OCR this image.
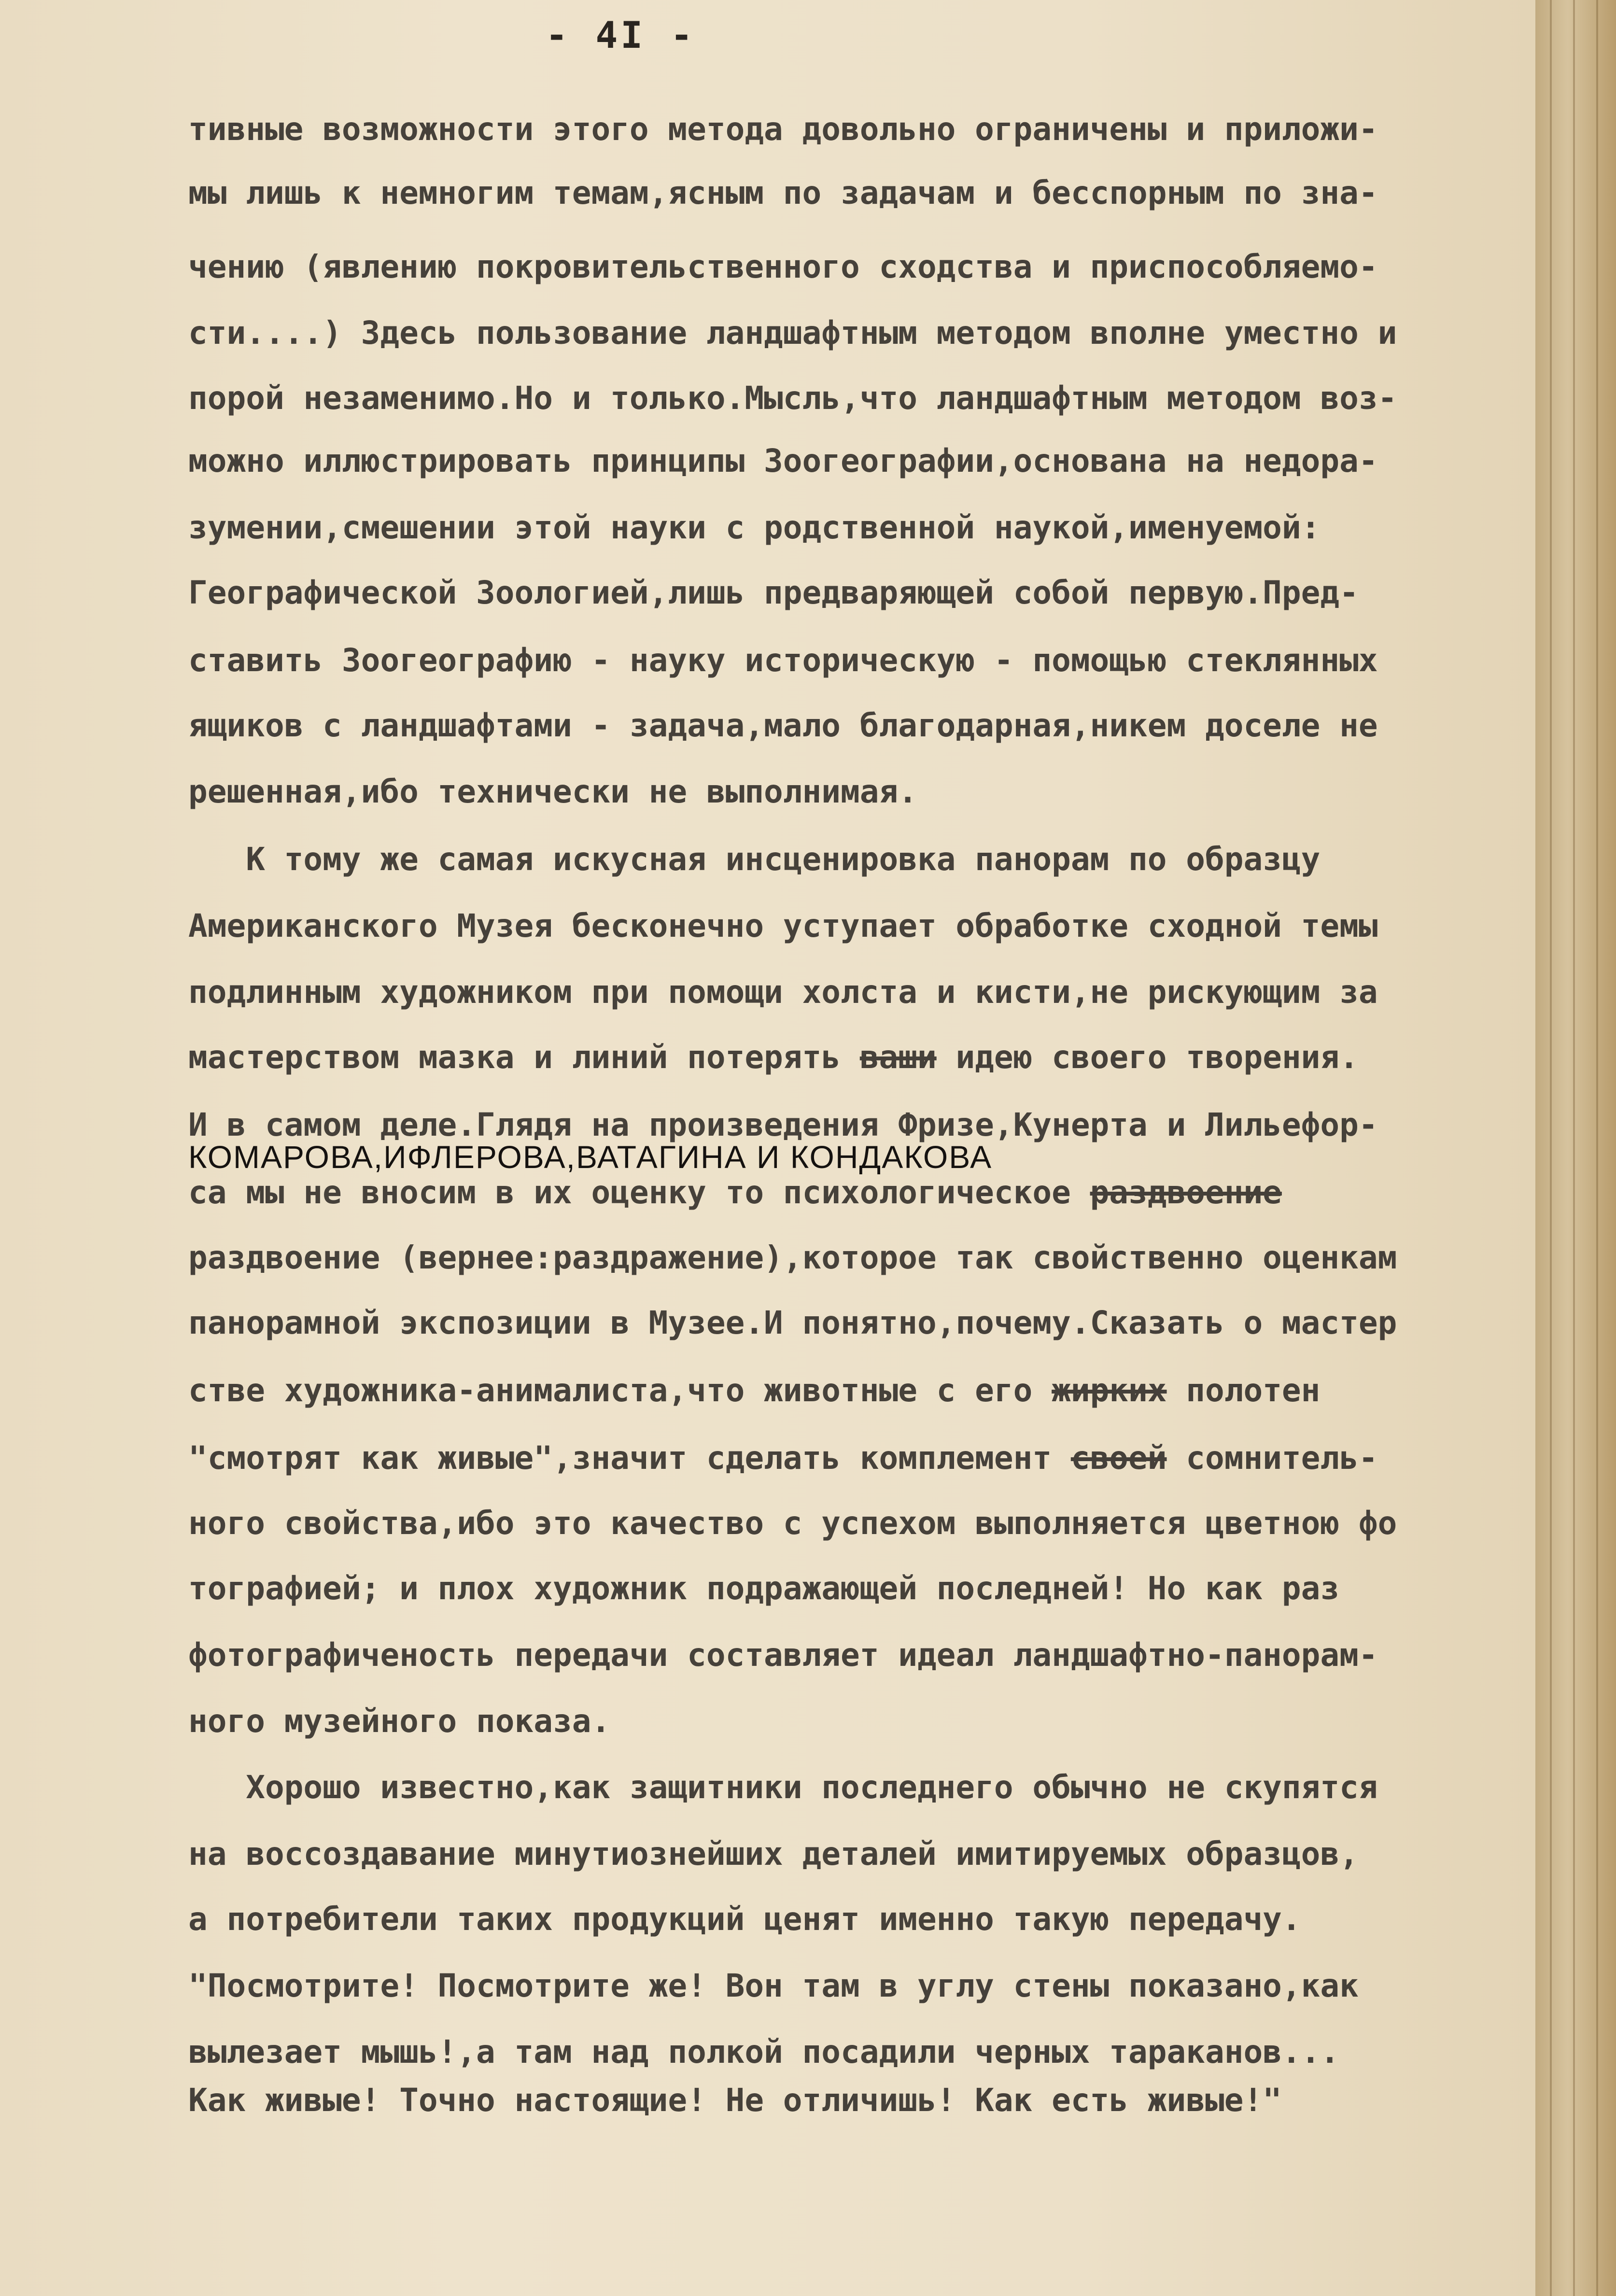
- 4I -
тивные возможности этого метода довольно ограничены и приложи-
мы лишь к немногим темам,ясным по задачам и бесспорным по зна-
чению (явлению покровительственного сходства и приспособляемо-
сти....) Здесь пользование ландшафтным методом вполне уместно и
порой незаменимо.Но и только.Мысль,что ландшафтным методом воз-
можно иллюстрировать принципы Зоогеографии,основана на недора-
зумении,смешении этой науки с родственной наукой,именуемой:
Географической Зоологией,лишь предваряющей собой первую.Пред-
ставить Зоогеографию - науку историческую - помощью стеклянных
ящиков с ландшафтами - задача,мало благодарная,никем доселе не
решенная,ибо технически не выполнимая.
К тому же самая искусная инсценировка панорам по образцу
Американского Музея бесконечно уступает обработке сходной темы
подлинным художником при помощи холста и кисти,не рискующим за
мастерством мазка и линий потерять ваши идею своего творения.
И в самом деле.Глядя на произведения Фризе,Кунерта и Лильефор-
КОМАРОВА,ИФЛЕРОВА,ВАТАГИНА И КОНДАКОВА
са мы не вносим в их оценку то психологическое раздвоение
раздвоение (вернее:раздражение),которое так свойственно оценкам
панорамной экспозиции в Музее.И понятно,почему.Сказать о мастер
стве художника-анималиста,что животные с его жирких полотен
"смотрят как живые",значит сделать комплемент своей сомнитель-
ного свойства,ибо это качество с успехом выполняется цветною фо
тографией; и плох художник подражающей последней! Но как раз
фотографиченость передачи составляет идеал ландшафтно-панорам-
ного музейного показа.
Хорошо известно,как защитники последнего обычно не скупятся
на воссоздавание минутиознейших деталей имитируемых образцов,
а потребители таких продукций ценят именно такую передачу.
"Посмотрите! Посмотрите же! Вон там в углу стены показано,как
вылезает мышь!,а там над полкой посадили черных тараканов...
Как живые! Точно настоящие! Не отличишь! Как есть живые!"
